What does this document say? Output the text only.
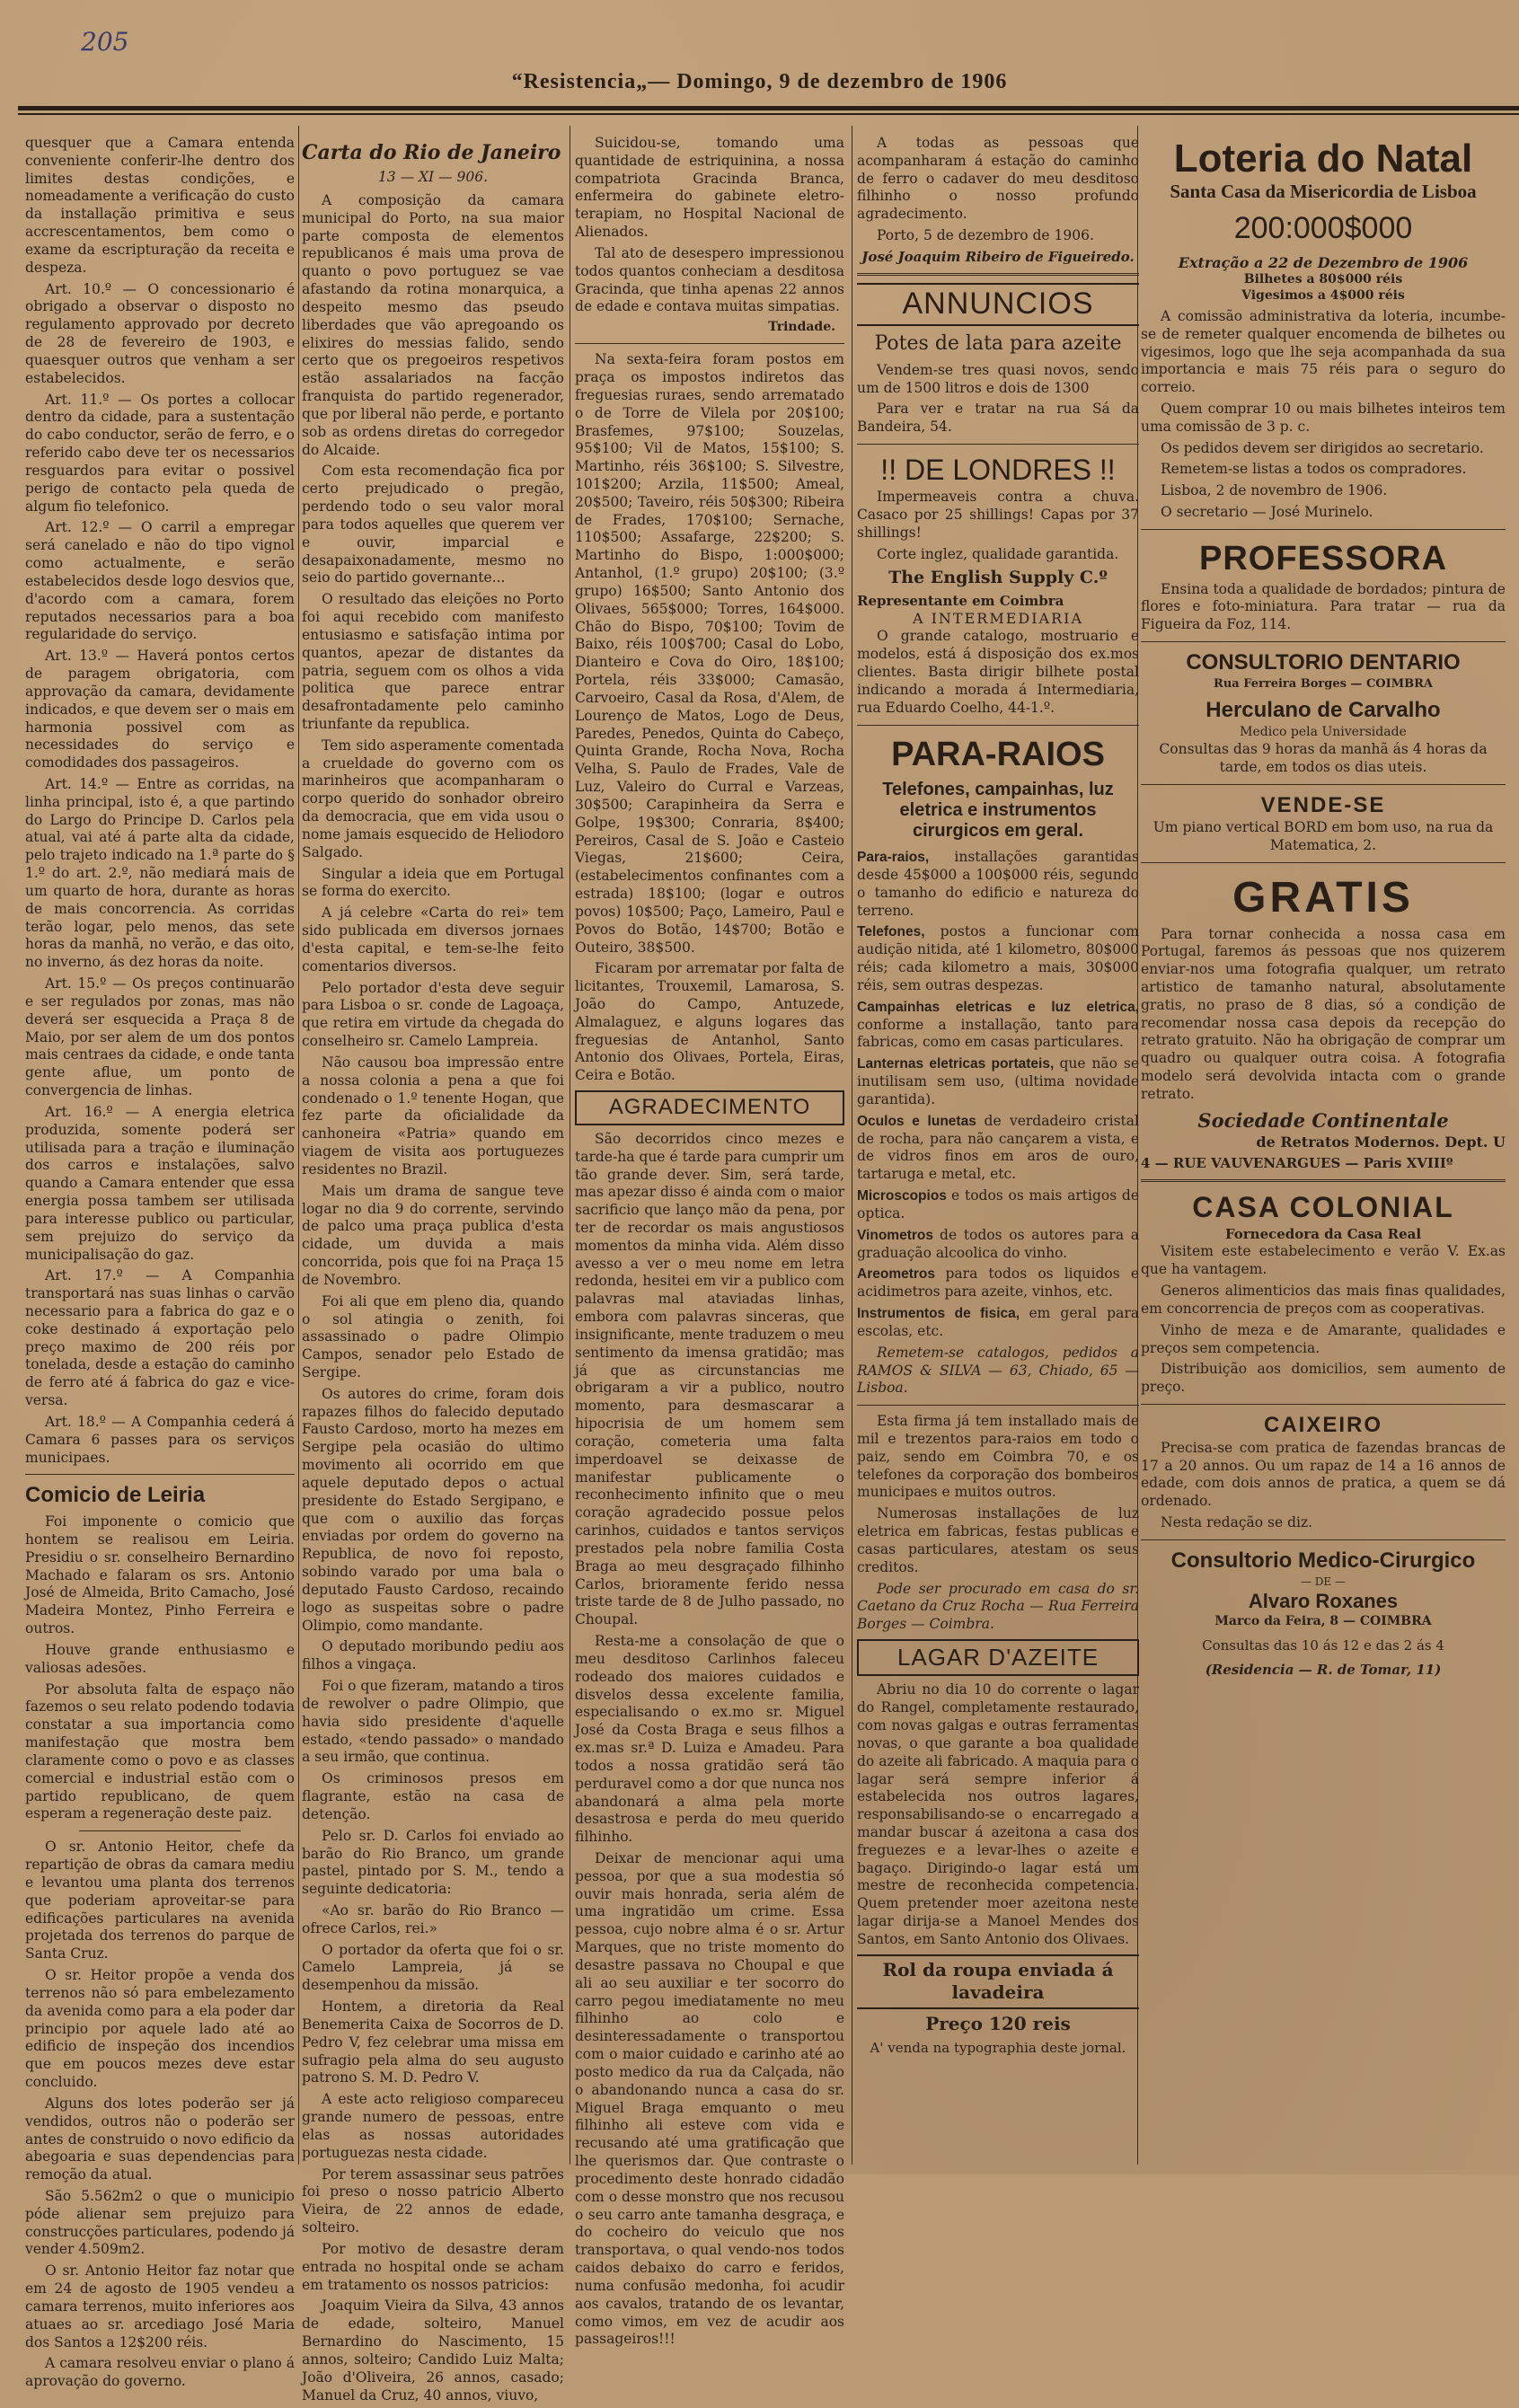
205
“Resistencia„— Domingo, 9 de dezembro de 1906

quesquer que a Camara entenda conveniente conferir-lhe dentro dos limites destas condições, e nomeadamente a verificação do custo da installação primitiva e seus accrescentamentos, bem como o exame da escripturação da receita e despeza.

Art. 10.º — O concessionario é obrigado a observar o disposto no regulamento approvado por decreto de 28 de fevereiro de 1903, e quaesquer outros que venham a ser estabelecidos.

Art. 11.º — Os portes a collocar dentro da cidade, para a sustentação do cabo conductor, serão de ferro, e o referido cabo deve ter os necessarios resguardos para evitar o possivel perigo de contacto pela queda de algum fio telefonico.

Art. 12.º — O carril a empregar será canelado e não do tipo vignol como actualmente, e serão estabelecidos desde logo desvios que, d'acordo com a camara, forem reputados necessarios para a boa regularidade do serviço.

Art. 13.º — Haverá pontos certos de paragem obrigatoria, com approvação da camara, devidamente indicados, e que devem ser o mais em harmonia possivel com as necessidades do serviço e comodidades dos passageiros.

Art. 14.º — Entre as corridas, na linha principal, isto é, a que partindo do Largo do Principe D. Carlos pela atual, vai até á parte alta da cidade, pelo trajeto indicado na 1.ª parte do § 1.º do art. 2.º, não mediará mais de um quarto de hora, durante as horas de mais concorrencia. As corridas terão logar, pelo menos, das sete horas da manhã, no verão, e das oito, no inverno, ás dez horas da noite.

Art. 15.º — Os preços continuarão e ser regulados por zonas, mas não deverá ser esquecida a Praça 8 de Maio, por ser alem de um dos pontos mais centraes da cidade, e onde tanta gente aflue, um ponto de convergencia de linhas.

Art. 16.º — A energia eletrica produzida, somente poderá ser utilisada para a tração e iluminação dos carros e instalações, salvo quando a Camara entender que essa energia possa tambem ser utilisada para interesse publico ou particular, sem prejuizo do serviço da municipalisação do gaz.

Art. 17.º — A Companhia transportará nas suas linhas o carvão necessario para a fabrica do gaz e o coke destinado á exportação pelo preço maximo de 200 réis por tonelada, desde a estação do caminho de ferro até á fabrica do gaz e vice-versa.

Art. 18.º — A Companhia cederá á Camara 6 passes para os serviços municipaes.

Comicio de Leiria

Foi imponente o comicio que hontem se realisou em Leiria. Presidiu o sr. conselheiro Bernardino Machado e falaram os srs. Antonio José de Almeida, Brito Camacho, José Madeira Montez, Pinho Ferreira e outros.

Houve grande enthusiasmo e valiosas adesões.

Por absoluta falta de espaço não fazemos o seu relato podendo todavia constatar a sua importancia como manifestação que mostra bem claramente como o povo e as classes comercial e industrial estão com o partido republicano, de quem esperam a regeneração deste paiz.

O sr. Antonio Heitor, chefe da repartição de obras da camara mediu e levantou uma planta dos terrenos que poderiam aproveitar-se para edificações particulares na avenida projetada dos terrenos do parque de Santa Cruz.

O sr. Heitor propõe a venda dos terrenos não só para embelezamento da avenida como para a ela poder dar principio por aquele lado até ao edificio de inspeção dos incendios que em poucos mezes deve estar concluido.

Alguns dos lotes poderão ser já vendidos, outros não o poderão ser antes de construido o novo edificio da abegoaria e suas dependencias para remoção da atual.

São 5.562m2 o que o municipio póde alienar sem prejuizo para construcções particulares, podendo já vender 4.509m2.

O sr. Antonio Heitor faz notar que em 24 de agosto de 1905 vendeu a camara terrenos, muito inferiores aos atuaes ao sr. arcediago José Maria dos Santos a 12$200 réis.

A camara resolveu enviar o plano á aprovação do governo.

Carta do Rio de Janeiro
13 — XI — 906.

A composição da camara municipal do Porto, na sua maior parte composta de elementos republicanos é mais uma prova de quanto o povo portuguez se vae afastando da rotina monarquica, a despeito mesmo das pseudo liberdades que vão apregoando os elixires do messias falido, sendo certo que os pregoeiros respetivos estão assalariados na facção franquista do partido regenerador, que por liberal não perde, e portanto sob as ordens diretas do corregedor do Alcaide.

Com esta recomendação fica por certo prejudicado o pregão, perdendo todo o seu valor moral para todos aquelles que querem ver e ouvir, imparcial e desapaixonadamente, mesmo no seio do partido governante...

O resultado das eleições no Porto foi aqui recebido com manifesto entusiasmo e satisfação intima por quantos, apezar de distantes da patria, seguem com os olhos a vida politica que parece entrar desafrontadamente pelo caminho triunfante da republica.

Tem sido asperamente comentada a crueldade do governo com os marinheiros que acompanharam o corpo querido do sonhador obreiro da democracia, que em vida usou o nome jamais esquecido de Heliodoro Salgado.

Singular a ideia que em Portugal se forma do exercito.

A já celebre «Carta do rei» tem sido publicada em diversos jornaes d'esta capital, e tem-se-lhe feito comentarios diversos.

Pelo portador d'esta deve seguir para Lisboa o sr. conde de Lagoaça, que retira em virtude da chegada do conselheiro sr. Camelo Lampreia.

Não causou boa impressão entre a nossa colonia a pena a que foi condenado o 1.º tenente Hogan, que fez parte da oficialidade da canhoneira «Patria» quando em viagem de visita aos portuguezes residentes no Brazil.

Mais um drama de sangue teve logar no dia 9 do corrente, servindo de palco uma praça publica d'esta cidade, um duvida a mais concorrida, pois que foi na Praça 15 de Novembro.

Foi ali que em pleno dia, quando o sol atingia o zenith, foi assassinado o padre Olimpio Campos, senador pelo Estado de Sergipe.

Os autores do crime, foram dois rapazes filhos do falecido deputado Fausto Cardoso, morto ha mezes em Sergipe pela ocasião do ultimo movimento ali ocorrido em que aquele deputado depos o actual presidente do Estado Sergipano, e que com o auxilio das forças enviadas por ordem do governo na Republica, de novo foi reposto, sobindo varado por uma bala o deputado Fausto Cardoso, recaindo logo as suspeitas sobre o padre Olimpio, como mandante.

O deputado moribundo pediu aos filhos a vingaça.

Foi o que fizeram, matando a tiros de rewolver o padre Olimpio, que havia sido presidente d'aquelle estado, «tendo passado» o mandado a seu irmão, que continua.

Os criminosos presos em flagrante, estão na casa de detenção.

Pelo sr. D. Carlos foi enviado ao barão do Rio Branco, um grande pastel, pintado por S. M., tendo a seguinte dedicatoria:

«Ao sr. barão do Rio Branco — ofrece Carlos, rei.»

O portador da oferta que foi o sr. Camelo Lampreia, já se desempenhou da missão.

Hontem, a diretoria da Real Benemerita Caixa de Socorros de D. Pedro V, fez celebrar uma missa em sufragio pela alma do seu augusto patrono S. M. D. Pedro V.

A este acto religioso compareceu grande numero de pessoas, entre elas as nossas autoridades portuguezas nesta cidade.

Por terem assassinar seus patrões foi preso o nosso patricio Alberto Vieira, de 22 annos de edade, solteiro.

Por motivo de desastre deram entrada no hospital onde se acham em tratamento os nossos patricios:

Joaquim Vieira da Silva, 43 annos de edade, solteiro, Manuel Bernardino do Nascimento, 15 annos, solteiro; Candido Luiz Malta; João d'Oliveira, 26 annos, casado; Manuel da Cruz, 40 annos, viuvo,

Suicidou-se, tomando uma quantidade de estriquinina, a nossa compatriota Gracinda Branca, enfermeira do gabinete eletro-terapiam, no Hospital Nacional de Alienados.

Tal ato de desespero impressionou todos quantos conheciam a desditosa Gracinda, que tinha apenas 22 annos de edade e contava muitas simpatias.

Trindade.

Na sexta-feira foram postos em praça os impostos indiretos das freguesias ruraes, sendo arrematado o de Torre de Vilela por 20$100; Brasfemes, 97$100; Souzelas, 95$100; Vil de Matos, 15$100; S. Martinho, réis 36$100; S. Silvestre, 101$200; Arzila, 11$500; Ameal, 20$500; Taveiro, réis 50$300; Ribeira de Frades, 170$100; Sernache, 110$500; Assafarge, 22$200; S. Martinho do Bispo, 1:000$000; Antanhol, (1.º grupo) 20$100; (3.º grupo) 16$500; Santo Antonio dos Olivaes, 565$000; Torres, 164$000. Chão do Bispo, 70$100; Tovim de Baixo, réis 100$700; Casal do Lobo, Dianteiro e Cova do Oiro, 18$100; Portela, réis 33$000; Camasão, Carvoeiro, Casal da Rosa, d'Alem, de Lourenço de Matos, Logo de Deus, Paredes, Penedos, Quinta do Cabeço, Quinta Grande, Rocha Nova, Rocha Velha, S. Paulo de Frades, Vale de Luz, Valeiro do Curral e Varzeas, 30$500; Carapinheira da Serra e Golpe, 19$300; Conraria, 8$400; Pereiros, Casal de S. João e Casteio Viegas, 21$600; Ceira, (estabelecimentos confinantes com a estrada) 18$100; (logar e outros povos) 10$500; Paço, Lameiro, Paul e Povos do Botão, 14$700; Botão e Outeiro, 38$500.

Ficaram por arrematar por falta de licitantes, Trouxemil, Lamarosa, S. João do Campo, Antuzede, Almalaguez, e alguns logares das freguesias de Antanhol, Santo Antonio dos Olivaes, Portela, Eiras, Ceira e Botão.

AGRADECIMENTO

São decorridos cinco mezes e tarde-ha que é tarde para cumprir um tão grande dever. Sim, será tarde, mas apezar disso é ainda com o maior sacrificio que lanço mão da pena, por ter de recordar os mais angustiosos momentos da minha vida. Além disso avesso a ver o meu nome em letra redonda, hesitei em vir a publico com palavras mal ataviadas linhas, embora com palavras sinceras, que insignificante, mente traduzem o meu sentimento da imensa gratidão; mas já que as circunstancias me obrigaram a vir a publico, noutro momento, para desmascarar a hipocrisia de um homem sem coração, cometeria uma falta imperdoavel se deixasse de manifestar publicamente o reconhecimento infinito que o meu coração agradecido possue pelos carinhos, cuidados e tantos serviços prestados pela nobre familia Costa Braga ao meu desgraçado filhinho Carlos, brioramente ferido nessa triste tarde de 8 de Julho passado, no Choupal.

Resta-me a consolação de que o meu desditoso Carlinhos faleceu rodeado dos maiores cuidados e disvelos dessa excelente familia, especialisando o ex.mo sr. Miguel José da Costa Braga e seus filhos a ex.mas sr.ª D. Luiza e Amadeu. Para todos a nossa gratidão será tão perduravel como a dor que nunca nos abandonará a alma pela morte desastrosa e perda do meu querido filhinho.

Deixar de mencionar aqui uma pessoa, por que a sua modestia só ouvir mais honrada, seria além de uma ingratidão um crime. Essa pessoa, cujo nobre alma é o sr. Artur Marques, que no triste momento do desastre passava no Choupal e que ali ao seu auxiliar e ter socorro do carro pegou imediatamente no meu filhinho ao colo e desinteressadamente o transportou com o maior cuidado e carinho até ao posto medico da rua da Calçada, não o abandonando nunca a casa do sr. Miguel Braga emquanto o meu filhinho ali esteve com vida e recusando até uma gratificação que lhe querismos dar. Que contraste o procedimento deste honrado cidadão com o desse monstro que nos recusou o seu carro ante tamanha desgraça, e do cocheiro do veiculo que nos transportava, o qual vendo-nos todos caidos debaixo do carro e feridos, numa confusão medonha, foi acudir aos cavalos, tratando de os levantar, como vimos, em vez de acudir aos passageiros!!!

A todas as pessoas que acompanharam á estação do caminho de ferro o cadaver do meu desditoso filhinho o nosso profundo agradecimento.

Porto, 5 de dezembro de 1906.

José Joaquim Ribeiro de Figueiredo.
ANNUNCIOS
Potes de lata para azeite

Vendem-se tres quasi novos, sendo um de 1500 litros e dois de 1300

Para ver e tratar na rua Sá da Bandeira, 54.

!! DE LONDRES !!

Impermeaveis contra a chuva. Casaco por 25 shillings! Capas por 37 shillings!

Corte inglez, qualidade garantida.

The English Supply C.º
Representante em Coimbra
A INTERMEDIARIA

O grande catalogo, mostruario e modelos, está á disposição dos ex.mos clientes. Basta dirigir bilhete postal indicando a morada á Intermediaria, rua Eduardo Coelho, 44-1.º.

PARA-RAIOS
Telefones, campainhas, luz eletrica e instrumentos cirurgicos em geral.

Para-raios, installações garantidas desde 45$000 a 100$000 réis, segundo o tamanho do edificio e natureza do terreno.

Telefones, postos a funcionar com audição nitida, até 1 kilometro, 80$000 réis; cada kilometro a mais, 30$000 réis, sem outras despezas.

Campainhas eletricas e luz eletrica, conforme a installação, tanto para fabricas, como em casas particulares.

Lanternas eletricas portateis, que não se inutilisam sem uso, (ultima novidade garantida).

Oculos e lunetas de verdadeiro cristal de rocha, para não cançarem a vista, e de vidros finos em aros de ouro, tartaruga e metal, etc.

Microscopios e todos os mais artigos de optica.

Vinometros de todos os autores para a graduação alcoolica do vinho.

Areometros para todos os liquidos e acidimetros para azeite, vinhos, etc.

Instrumentos de fisica, em geral para escolas, etc.

Remetem-se catalogos, pedidos a RAMOS & SILVA — 63, Chiado, 65 — Lisboa.

Esta firma já tem installado mais de mil e trezentos para-raios em todo o paiz, sendo em Coimbra 70, e os telefones da corporação dos bombeiros municipaes e muitos outros.

Numerosas installações de luz eletrica em fabricas, festas publicas e casas particulares, atestam os seus creditos.

Pode ser procurado em casa do sr. Caetano da Cruz Rocha — Rua Ferreira Borges — Coimbra.

LAGAR D'AZEITE

Abriu no dia 10 do corrente o lagar do Rangel, completamente restaurado, com novas galgas e outras ferramentas novas, o que garante a boa qualidade do azeite ali fabricado. A maquia para o lagar será sempre inferior á estabelecida nos outros lagares, responsabilisando-se o encarregado a mandar buscar á azeitona a casa dos freguezes e a levar-lhes o azeite e bagaço. Dirigindo-o lagar está um mestre de reconhecida competencia. Quem pretender moer azeitona neste lagar dirija-se a Manoel Mendes dos Santos, em Santo Antonio dos Olivaes.

Rol da roupa enviada á lavadeira
Preço 120 reis
A' venda na typographia deste jornal.
Loteria do Natal
Santa Casa da Misericordia de Lisboa
200:000$000
Extração a 22 de Dezembro de 1906
Bilhetes a 80$000 réis
Vigesimos a 4$000 réis

A comissão administrativa da loteria, incumbe-se de remeter qualquer encomenda de bilhetes ou vigesimos, logo que lhe seja acompanhada da sua importancia e mais 75 réis para o seguro do correio.

Quem comprar 10 ou mais bilhetes inteiros tem uma comissão de 3 p. c.

Os pedidos devem ser dirigidos ao secretario.

Remetem-se listas a todos os compradores.

Lisboa, 2 de novembro de 1906.

O secretario — José Murinelo.

PROFESSORA

Ensina toda a qualidade de bordados; pintura de flores e foto-miniatura. Para tratar — rua da Figueira da Foz, 114.

CONSULTORIO DENTARIO
Rua Ferreira Borges — COIMBRA
Herculano de Carvalho
Medico pela Universidade

Consultas das 9 horas da manhã ás 4 horas da tarde, em todos os dias uteis.

VENDE-SE

Um piano vertical BORD em bom uso, na rua da Matematica, 2.

GRATIS

Para tornar conhecida a nossa casa em Portugal, faremos ás pessoas que nos quizerem enviar-nos uma fotografia qualquer, um retrato artistico de tamanho natural, absolutamente gratis, no praso de 8 dias, só a condição de recomendar nossa casa depois da recepção do retrato gratuito. Não ha obrigação de comprar um quadro ou qualquer outra coisa. A fotografia modelo será devolvida intacta com o grande retrato.

Sociedade Continentale
de Retratos Modernos. Dept. U
4 — RUE VAUVENARGUES — Paris XVIIIº
CASA COLONIAL
Fornecedora da Casa Real

Visitem este estabelecimento e verão V. Ex.as que ha vantagem.

Generos alimenticios das mais finas qualidades, em concorrencia de preços com as cooperativas.

Vinho de meza e de Amarante, qualidades e preços sem competencia.

Distribuição aos domicilios, sem aumento de preço.

CAIXEIRO

Precisa-se com pratica de fazendas brancas de 17 a 20 annos. Ou um rapaz de 14 a 16 annos de edade, com dois annos de pratica, a quem se dá ordenado.

Nesta redação se diz.

Consultorio Medico-Cirurgico
— DE —
Alvaro Roxanes
Marco da Feira, 8 — COIMBRA
Consultas das 10 ás 12 e das 2 ás 4
(Residencia — R. de Tomar, 11)
